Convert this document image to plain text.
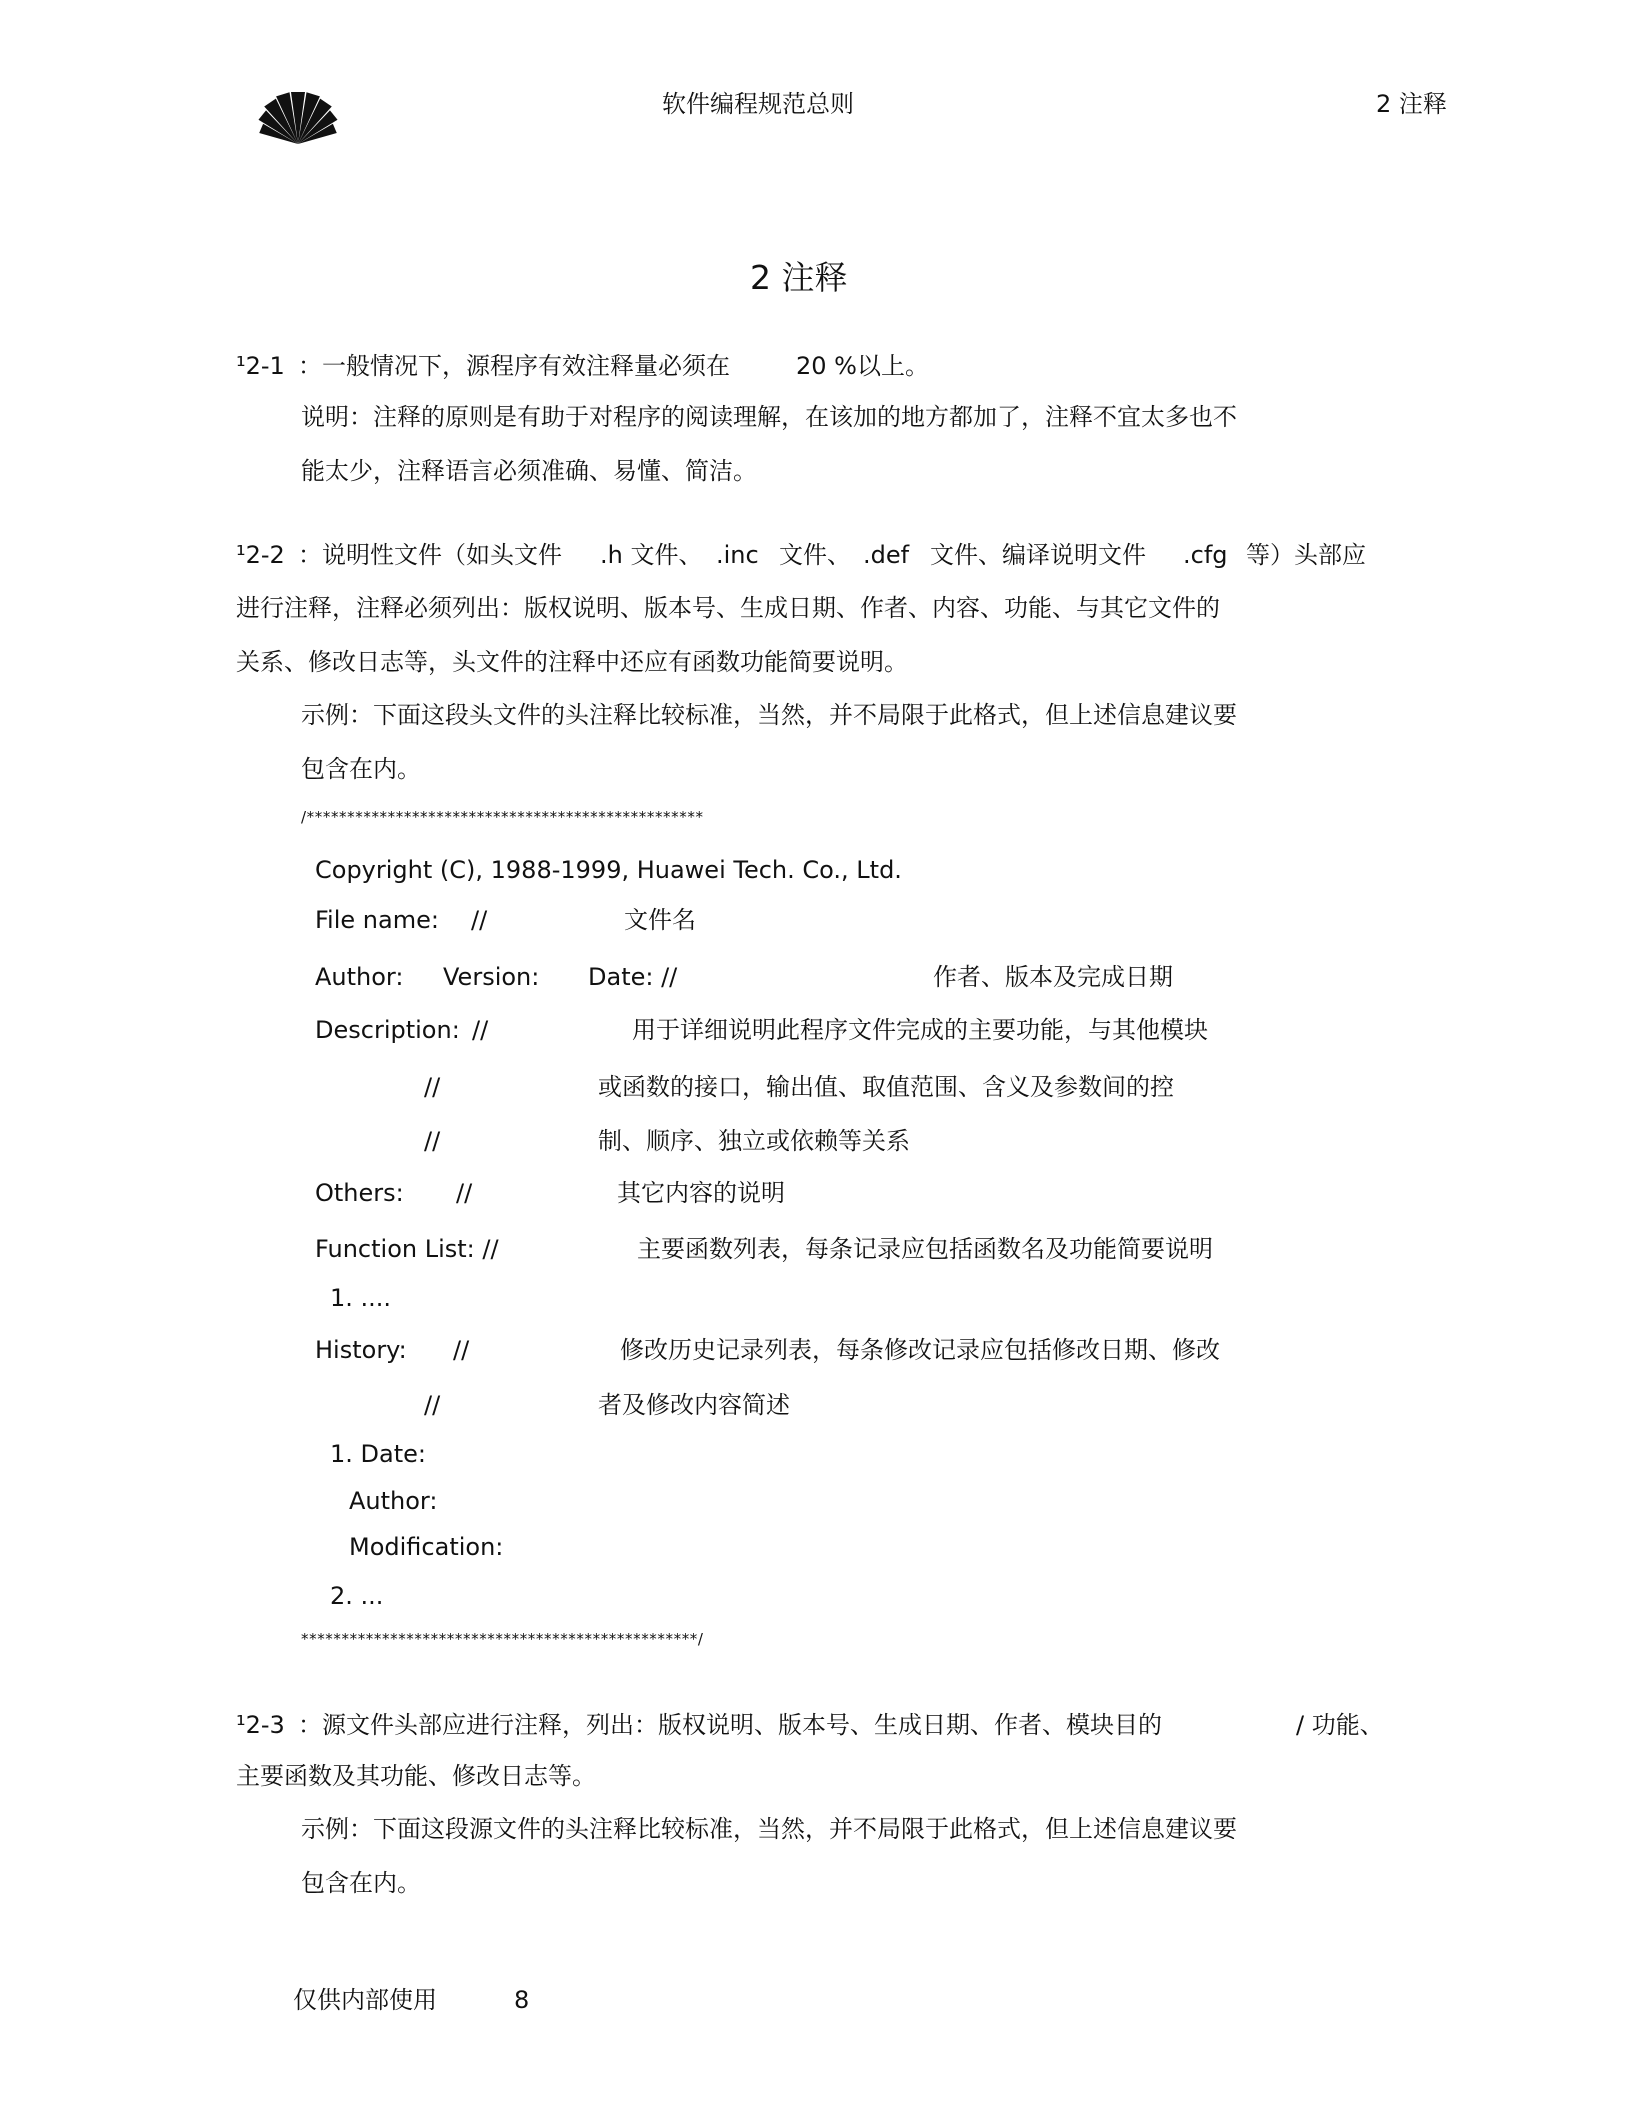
软件编程规范总则	2 注释
2 注释
¹2-1 ：一般情况下，源程序有效注释量必须在	20 %以上。
说明：注释的原则是有助于对程序的阅读理解，在该加的地方都加了，注释不宜太多也不
能太少，注释语言必须准确、易懂、简洁。
¹2-2 ：说明性文件（如头文件 .h 文件、 .inc 文件、 .def 文件、编译说明文件 .cfg 等）头部应
进行注释，注释必须列出：版权说明、版本号、生成日期、作者、内容、功能、与其它文件的
关系、修改日志等，头文件的注释中还应有函数功能简要说明。
示例：下面这段头文件的头注释比较标准，当然，并不局限于此格式，但上述信息建议要
包含在内。
/*************************************************
Copyright (C), 1988-1999, Huawei Tech. Co., Ltd.
File name: //	文件名
Author: Version: Date: //	作者、版本及完成日期
Description: //	用于详细说明此程序文件完成的主要功能，与其他模块
//	或函数的接口，输出值、取值范围、含义及参数间的控
//	制、顺序、独立或依赖等关系
Others: //	其它内容的说明
Function List: //	主要函数列表，每条记录应包括函数名及功能简要说明
1. ....
History: //	修改历史记录列表，每条修改记录应包括修改日期、修改
//	者及修改内容简述
1. Date:
Author:
Modification:
2. ...
*************************************************/
¹2-3 ：源文件头部应进行注释，列出：版权说明、版本号、生成日期、作者、模块目的	/ 功能、
主要函数及其功能、修改日志等。
示例：下面这段源文件的头注释比较标准，当然，并不局限于此格式，但上述信息建议要
包含在内。
仅供内部使用	8
